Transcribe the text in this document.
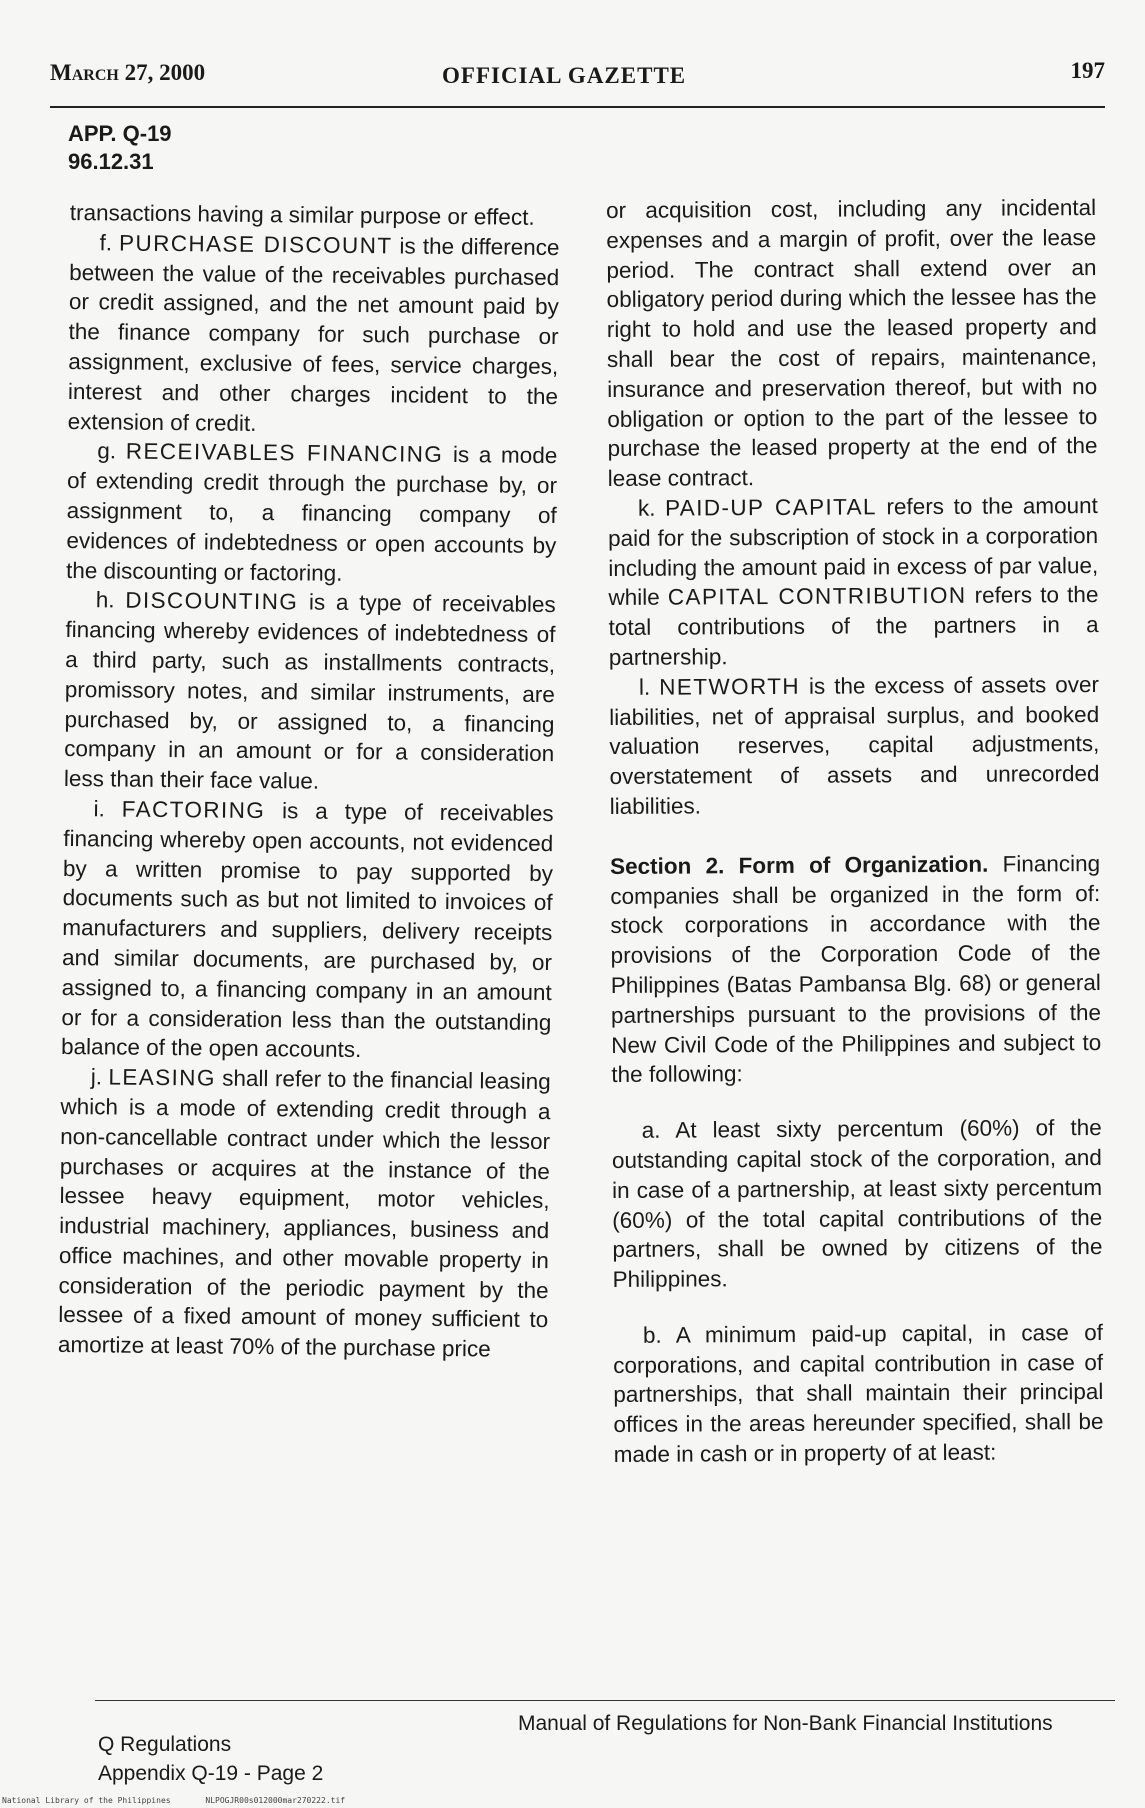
March 27, 2000	OFFICIAL GAZETTE	197
APP. Q-19
96.12.31

transactions having a similar purpose or effect.

f. PURCHASE DISCOUNT is the difference between the value of the receivables purchased or credit assigned, and the net amount paid by the finance company for such purchase or assignment, exclusive of fees, service charges, interest and other charges incident to the extension of credit.

g. RECEIVABLES FINANCING is a mode of extending credit through the purchase by, or assignment to, a financing company of evidences of indebtedness or open accounts by the discounting or factoring.

h. DISCOUNTING is a type of receivables financing whereby evidences of indebtedness of a third party, such as installments contracts, promissory notes, and similar instruments, are purchased by, or assigned to, a financing company in an amount or for a consideration less than their face value.

i. FACTORING is a type of receivables financing whereby open accounts, not evidenced by a written promise to pay supported by documents such as but not limited to invoices of manufacturers and suppliers, delivery receipts and similar documents, are purchased by, or assigned to, a financing company in an amount or for a consideration less than the outstanding balance of the open accounts.

j. LEASING shall refer to the financial leasing which is a mode of extending credit through a non-cancellable contract under which the lessor purchases or acquires at the instance of the lessee heavy equipment, motor vehicles, industrial machinery, appliances, business and office machines, and other movable property in consideration of the periodic payment by the lessee of a fixed amount of money sufficient to amortize at least 70% of the purchase price

or acquisition cost, including any incidental expenses and a margin of profit, over the lease period. The contract shall extend over an obligatory period during which the lessee has the right to hold and use the leased property and shall bear the cost of repairs, maintenance, insurance and preservation thereof, but with no obligation or option to the part of the lessee to purchase the leased property at the end of the lease contract.

k. PAID-UP CAPITAL refers to the amount paid for the subscription of stock in a corporation including the amount paid in excess of par value, while CAPITAL CONTRIBUTION refers to the total contributions of the partners in a partnership.

l. NETWORTH is the excess of assets over liabilities, net of appraisal surplus, and booked valuation reserves, capital adjustments, overstatement of assets and unrecorded liabilities.

Section 2. Form of Organization. Financing companies shall be organized in the form of: stock corporations in accordance with the provisions of the Corporation Code of the Philippines (Batas Pambansa Blg. 68) or general partnerships pursuant to the provisions of the New Civil Code of the Philippines and subject to the following:

a. At least sixty percentum (60%) of the outstanding capital stock of the corporation, and in case of a partnership, at least sixty percentum (60%) of the total capital contributions of the partners, shall be owned by citizens of the Philippines.

b. A minimum paid-up capital, in case of corporations, and capital contribution in case of partnerships, that shall maintain their principal offices in the areas hereunder specified, shall be made in cash or in property of at least:

Q Regulations
Appendix Q-19 - Page 2
Manual of Regulations for Non-Bank Financial Institutions
National Library of the Philippines	NLPOGJR00s012000mar270222.tif
